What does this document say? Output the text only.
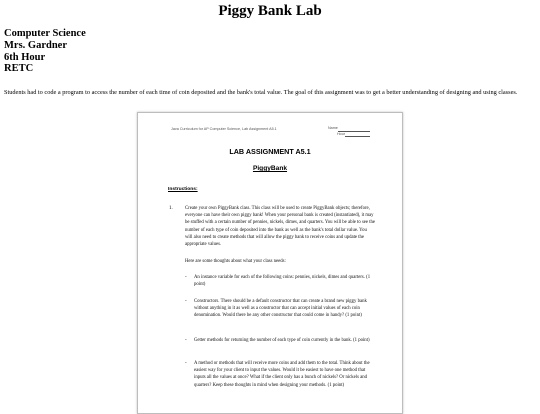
Piggy Bank Lab
Computer Science
Mrs. Gardner
6th Hour
RETC
Students had to code a program to access the number of each time of coin deposited and the bank's total value. The goal of this assignment was to get a better understanding of designing and using classes.
Java Curriculum for AP Computer Science, Lab Assignment A5.1	Name
Hour
LAB ASSIGNMENT A5.1
PiggyBank
Instructions:
1.	Create your own PiggyBank class. This class will be used to create PiggyBank objects; therefore, everyone can have their own piggy bank! When your personal bank is created (instantiated), it may be stuffed with a certain number of pennies, nickels, dimes, and quarters. You will be able to see the number of each type of coin deposited into the bank as well as the bank's total dollar value. You will also need to create methods that will allow the piggy bank to receive coins and update the appropriate values.
Here are some thoughts about what your class needs:
- An instance variable for each of the following coins: pennies, nickels, dimes and quarters. (1 point)
- Constructors. There should be a default constructor that can create a brand new piggy bank without anything in it as well as a constructor that can accept initial values of each coin denomination. Would there be any other constructor that could come in handy? (1 point)
- Getter methods for returning the number of each type of coin currently in the bank. (1 point)
- A method or methods that will receive more coins and add them to the total. Think about the easiest way for your client to input the values. Would it be easiest to have one method that inputs all the values at once? What if the client only has a bunch of nickels? Or nickels and quarters? Keep these thoughts in mind when designing your methods. (1 point)
